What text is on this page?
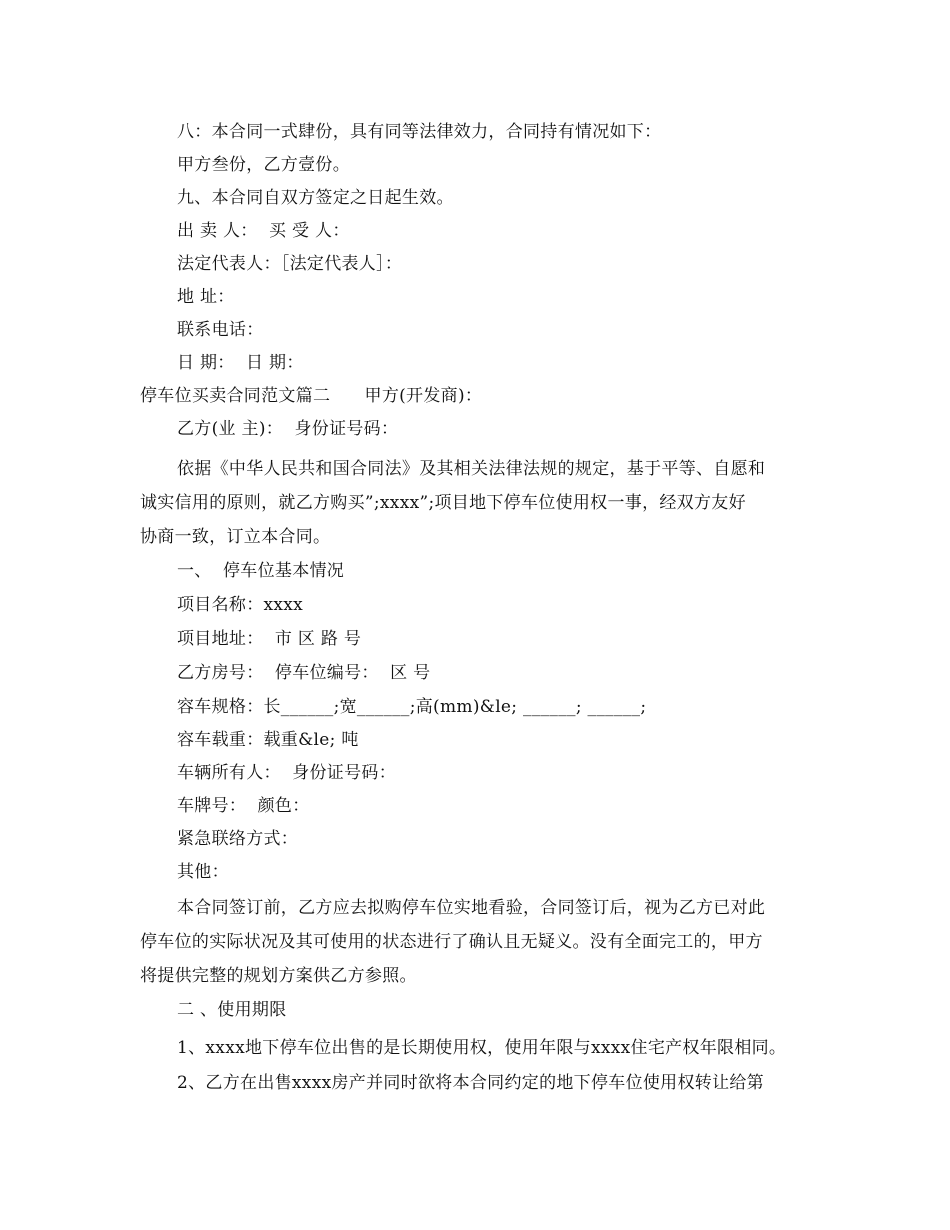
八：本合同一式肆份，具有同等法律效力，合同持有情况如下：
甲方叁份，乙方壹份。
九、本合同自双方签定之日起生效。
出 卖 人：  买 受 人：
法定代表人：［法定代表人］：
地 址：
联系电话：
日 期：  日 期：
停车位买卖合同范文篇二      甲方(开发商)：
乙方(业 主)：  身份证号码：
依据《中华人民共和国合同法》及其相关法律法规的规定，基于平等、自愿和
诚实信用的原则，就乙方购买”;xxxx”;项目地下停车位使用权一事，经双方友好
协商一致，订立本合同。
一、  停车位基本情况
项目名称：xxxx
项目地址：  市 区 路 号
乙方房号：  停车位编号：  区 号
容车规格：长______;宽______;高(mm)&le; ______; ______;
容车载重：载重&le; 吨
车辆所有人：  身份证号码：
车牌号：  颜色：
紧急联络方式：
其他：
本合同签订前，乙方应去拟购停车位实地看验，合同签订后，视为乙方已对此
停车位的实际状况及其可使用的状态进行了确认且无疑义。没有全面完工的，甲方
将提供完整的规划方案供乙方参照。
二 、使用期限
1、xxxx地下停车位出售的是长期使用权，使用年限与xxxx住宅产权年限相同。
2、乙方在出售xxxx房产并同时欲将本合同约定的地下停车位使用权转让给第
